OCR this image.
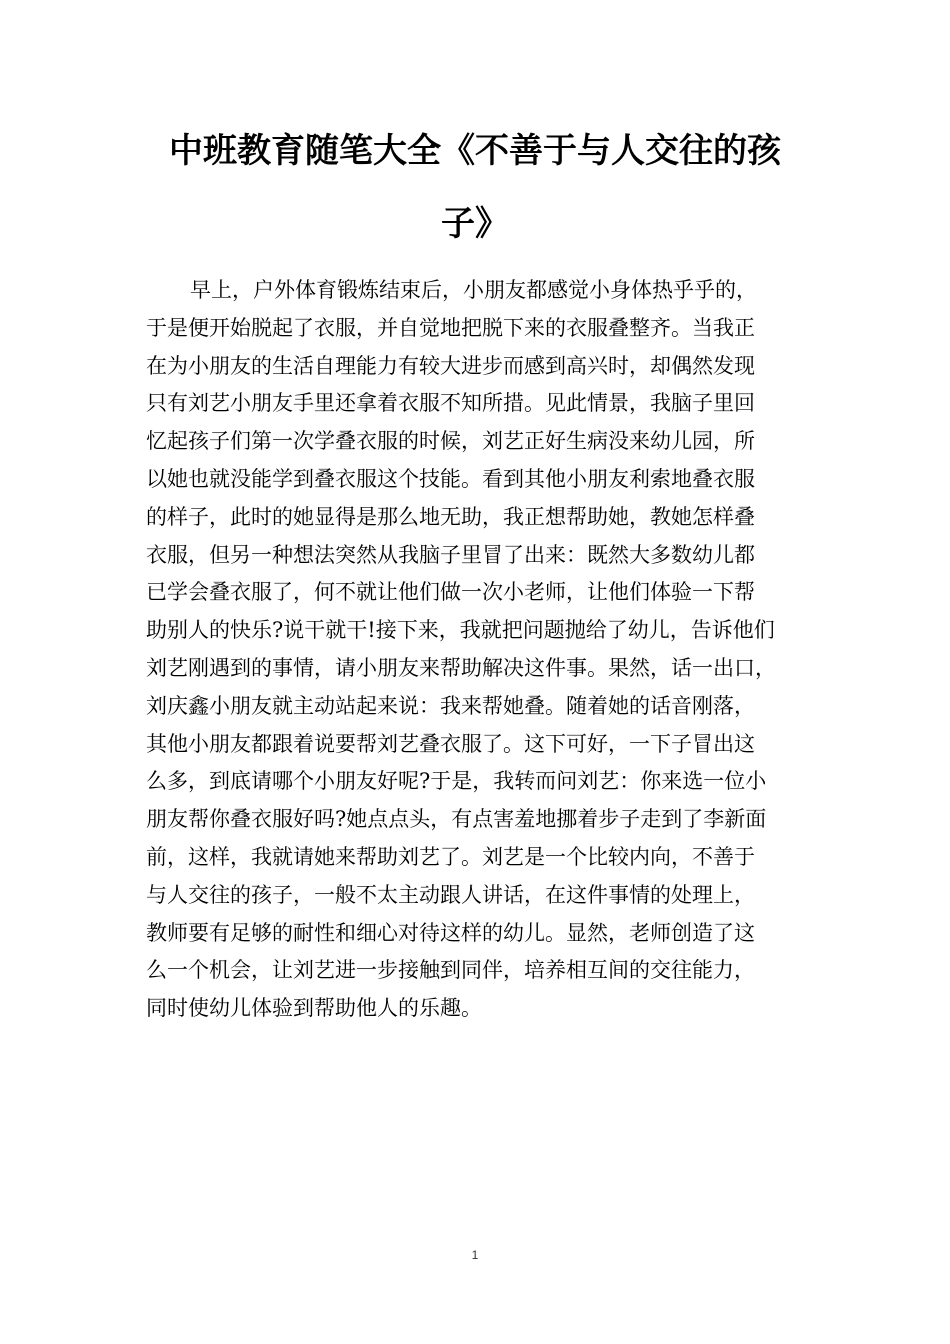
中班教育随笔大全《不善于与人交往的孩
子》
早上，户外体育锻炼结束后，小朋友都感觉小身体热乎乎的，
于是便开始脱起了衣服，并自觉地把脱下来的衣服叠整齐。当我正
在为小朋友的生活自理能力有较大进步而感到高兴时，却偶然发现
只有刘艺小朋友手里还拿着衣服不知所措。见此情景，我脑子里回
忆起孩子们第一次学叠衣服的时候，刘艺正好生病没来幼儿园，所
以她也就没能学到叠衣服这个技能。看到其他小朋友利索地叠衣服
的样子，此时的她显得是那么地无助，我正想帮助她，教她怎样叠
衣服，但另一种想法突然从我脑子里冒了出来：既然大多数幼儿都
已学会叠衣服了，何不就让他们做一次小老师，让他们体验一下帮
助别人的快乐?说干就干!接下来，我就把问题抛给了幼儿，告诉他们
刘艺刚遇到的事情，请小朋友来帮助解决这件事。果然，话一出口，
刘庆鑫小朋友就主动站起来说：我来帮她叠。随着她的话音刚落，
其他小朋友都跟着说要帮刘艺叠衣服了。这下可好，一下子冒出这
么多，到底请哪个小朋友好呢?于是，我转而问刘艺：你来选一位小
朋友帮你叠衣服好吗?她点点头，有点害羞地挪着步子走到了李新面
前，这样，我就请她来帮助刘艺了。刘艺是一个比较内向，不善于
与人交往的孩子，一般不太主动跟人讲话，在这件事情的处理上，
教师要有足够的耐性和细心对待这样的幼儿。显然，老师创造了这
么一个机会，让刘艺进一步接触到同伴，培养相互间的交往能力，
同时使幼儿体验到帮助他人的乐趣。
1
